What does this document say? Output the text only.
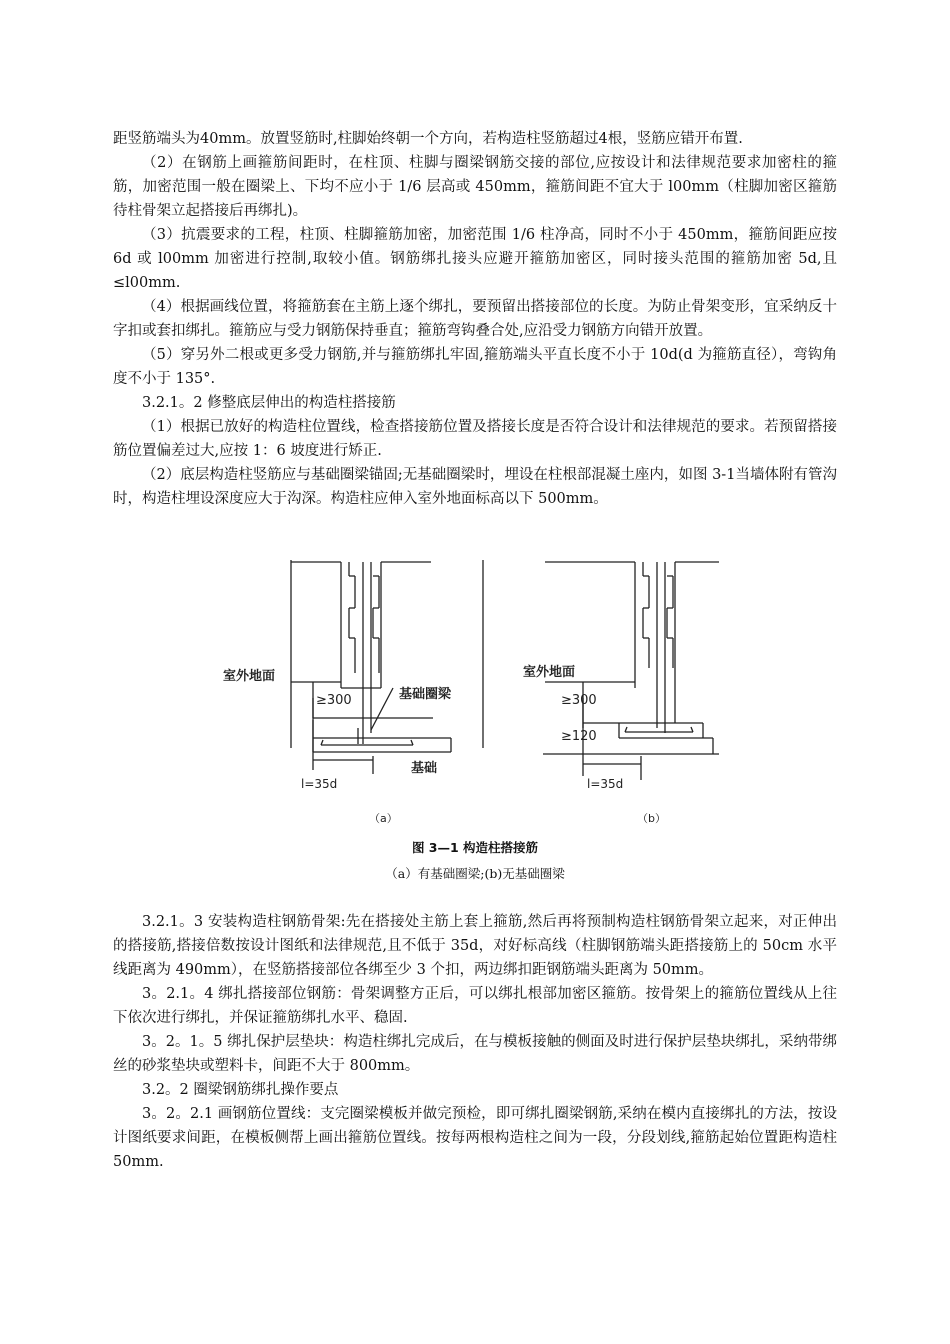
距竖筋端头为40mm。放置竖筋时,柱脚始终朝一个方向，若构造柱竖筋超过4根，竖筋应错开布置.

（2）在钢筋上画箍筋间距时，在柱顶、柱脚与圈梁钢筋交接的部位,应按设计和法律规范要求加密柱的箍筋，加密范围一般在圈梁上、下均不应小于 1/6 层高或 450mm，箍筋间距不宜大于 l00mm（柱脚加密区箍筋待柱骨架立起搭接后再绑扎)。

（3）抗震要求的工程，柱顶、柱脚箍筋加密，加密范围 1/6 柱净高，同时不小于 450mm，箍筋间距应按 6d 或 l00mm 加密进行控制,取较小值。钢筋绑扎接头应避开箍筋加密区，同时接头范围的箍筋加密 5d,且≤l00mm.

（4）根据画线位置，将箍筋套在主筋上逐个绑扎，要预留出搭接部位的长度。为防止骨架变形，宜采纳反十字扣或套扣绑扎。箍筋应与受力钢筋保持垂直；箍筋弯钩叠合处,应沿受力钢筋方向错开放置。

（5）穿另外二根或更多受力钢筋,并与箍筋绑扎牢固,箍筋端头平直长度不小于 10d(d 为箍筋直径），弯钩角度不小于 135°.

3.2.1。2 修整底层伸出的构造柱搭接筋

（1）根据已放好的构造柱位置线，检查搭接筋位置及搭接长度是否符合设计和法律规范的要求。若预留搭接筋位置偏差过大,应按 1：6 坡度进行矫正.

（2）底层构造柱竖筋应与基础圈梁锚固;无基础圈梁时，埋设在柱根部混凝土座内，如图 3-1当墙体附有管沟时，构造柱埋设深度应大于沟深。构造柱应伸入室外地面标高以下 500mm。

室外地面
≥300	基础圈梁
基础
l=35d
（a）
室外地面
≥300
≥120
l=35d
（b）
图 3—1 构造柱搭接筋
（a）有基础圈梁;(b)无基础圈梁

3.2.1。3 安装构造柱钢筋骨架:先在搭接处主筋上套上箍筋,然后再将预制构造柱钢筋骨架立起来，对正伸出的搭接筋,搭接倍数按设计图纸和法律规范,且不低于 35d，对好标高线（柱脚钢筋端头距搭接筋上的 50cm 水平线距离为 490mm），在竖筋搭接部位各绑至少 3 个扣，两边绑扣距钢筋端头距离为 50mm。

3。2.1。4 绑扎搭接部位钢筋：骨架调整方正后，可以绑扎根部加密区箍筋。按骨架上的箍筋位置线从上往下依次进行绑扎，并保证箍筋绑扎水平、稳固.

3。2。1。5 绑扎保护层垫块：构造柱绑扎完成后，在与模板接触的侧面及时进行保护层垫块绑扎，采纳带绑丝的砂浆垫块或塑料卡，间距不大于 800mm。

3.2。2 圈梁钢筋绑扎操作要点

3。2。2.1 画钢筋位置线：支完圈梁模板并做完预检，即可绑扎圈梁钢筋,采纳在模内直接绑扎的方法，按设计图纸要求间距，在模板侧帮上画出箍筋位置线。按每两根构造柱之间为一段，分段划线,箍筋起始位置距构造柱 50mm.
